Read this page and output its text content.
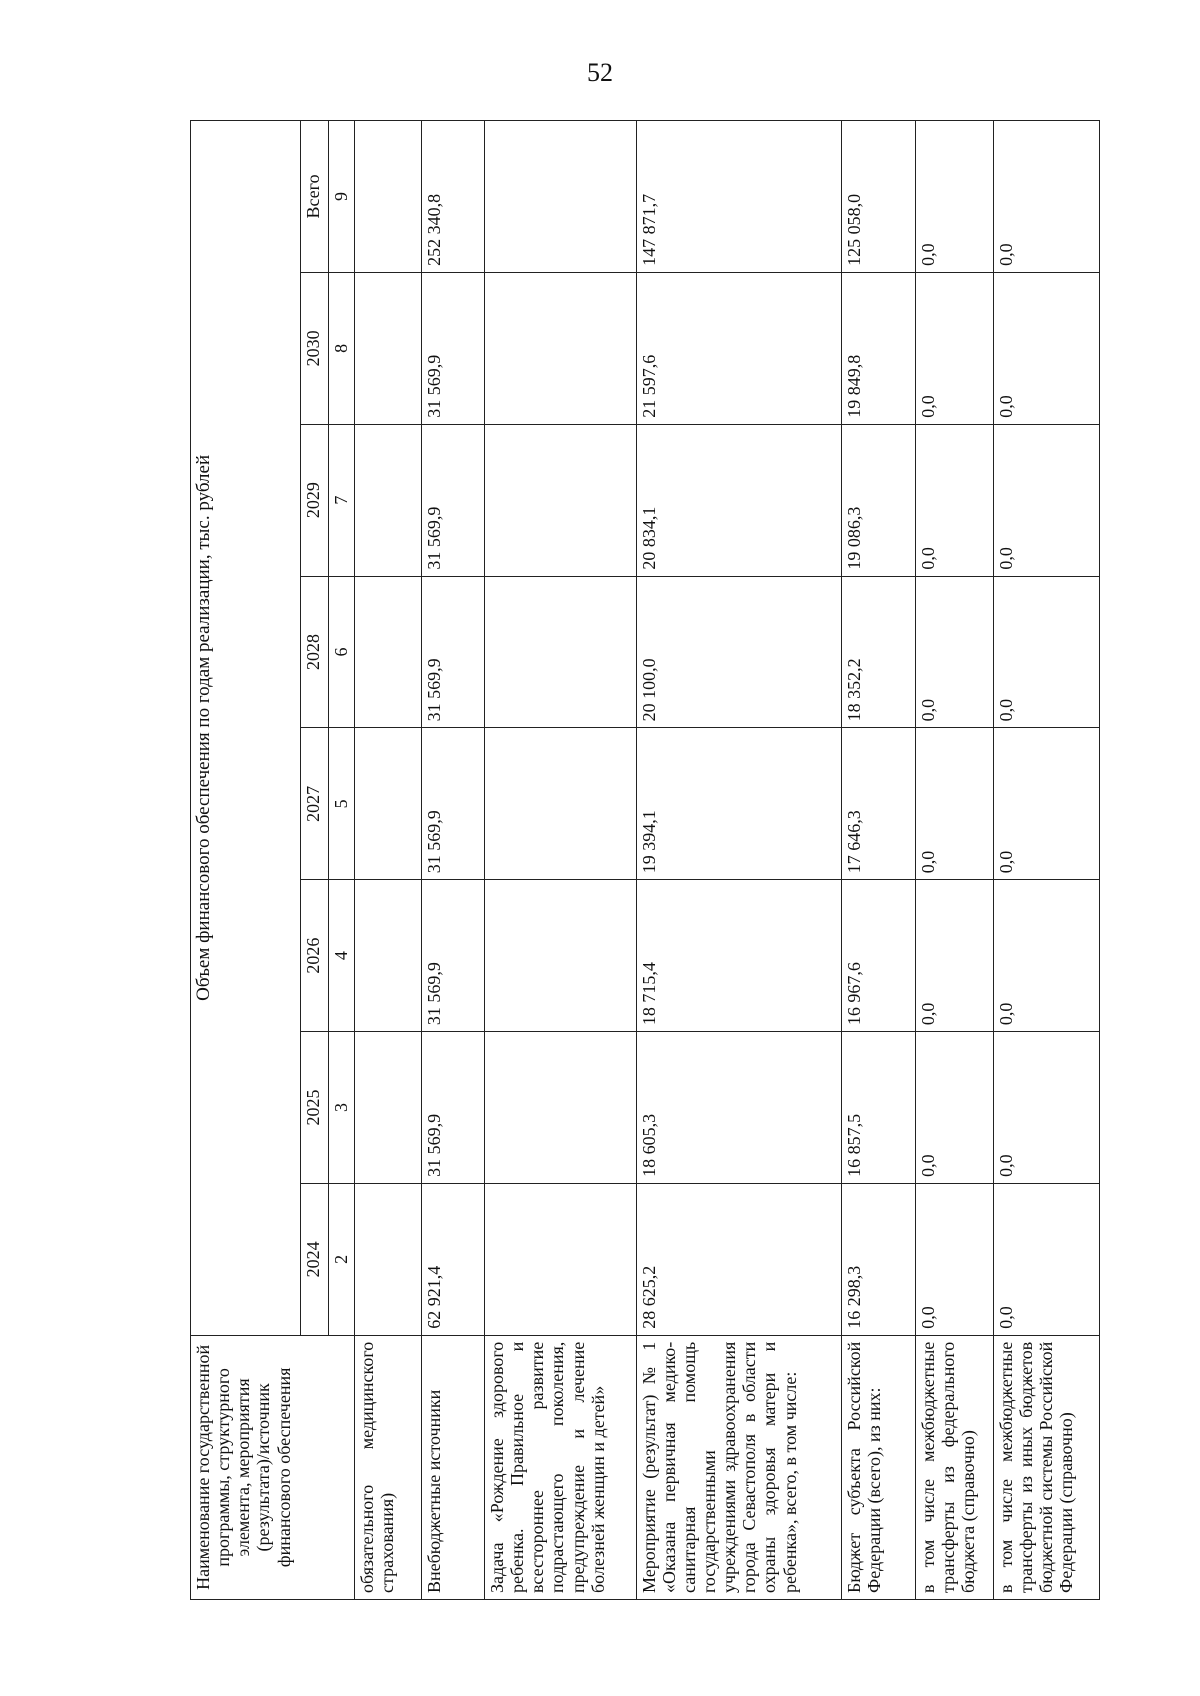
52
Наименование государственной программы, структурного элемента, мероприятия (результата)/источник финансового обеспечения	Объем финансового обеспечения по годам реализации, тыс. рублей							
	2024	2025	2026	2027	2028	2029	2030	Всего
	2	3	4	5	6	7	8	9
обязательного медицинского страхования)								
Внебюджетные источники	62 921,4	31 569,9	31 569,9	31 569,9	31 569,9	31 569,9	31 569,9	252 340,8
Задача «Рождение здорового ребенка. Правильное и всестороннее развитие подрастающего поколения, предупреждение и лечение болезней женщин и детей»								
Мероприятие (результат) № 1 «Оказана первичная медико-санитарная помощь государственными учреждениями здравоохранения города Севастополя в области охраны здоровья матери и ребенка», всего, в том числе:	28 625,2	18 605,3	18 715,4	19 394,1	20 100,0	20 834,1	21 597,6	147 871,7
Бюджет субъекта Российской Федерации (всего), из них:	16 298,3	16 857,5	16 967,6	17 646,3	18 352,2	19 086,3	19 849,8	125 058,0
в том числе межбюджетные трансферты из федерального бюджета (справочно)	0,0	0,0	0,0	0,0	0,0	0,0	0,0	0,0
в том числе межбюджетные трансферты из иных бюджетов бюджетной системы Российской Федерации (справочно)	0,0	0,0	0,0	0,0	0,0	0,0	0,0	0,0
